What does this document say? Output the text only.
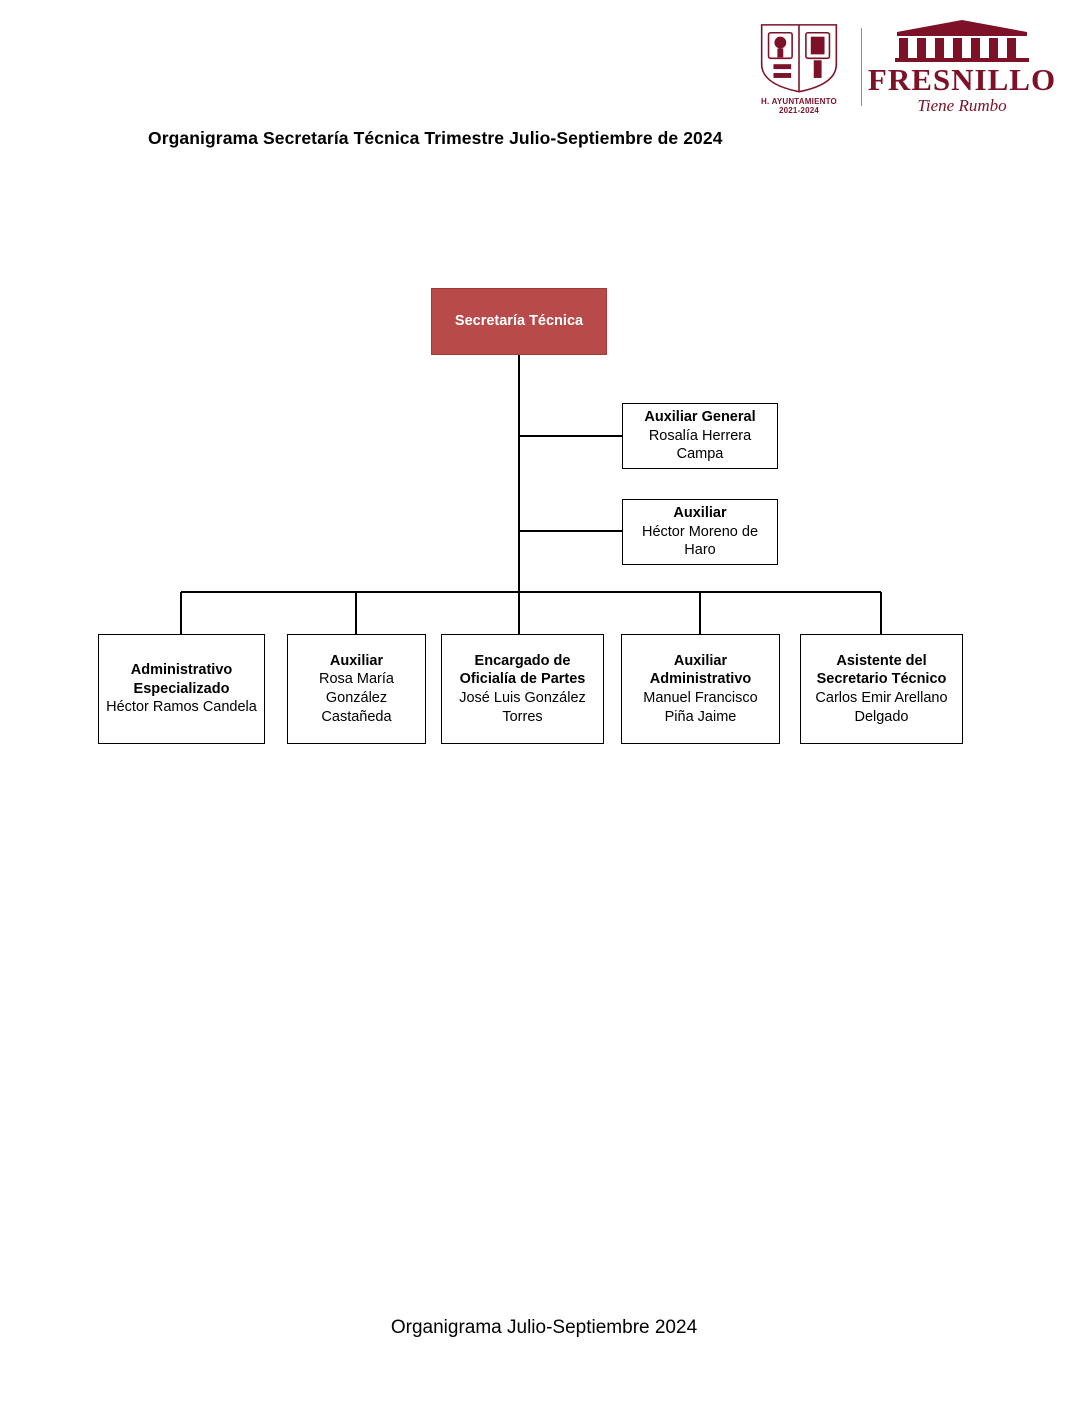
H. AYUNTAMIENTO
2021-2024
FRESNILLO
Tiene Rumbo
Organigrama Secretaría Técnica Trimestre Julio-Septiembre de 2024
Secretaría Técnica
Auxiliar General
Rosalía Herrera Campa
Auxiliar
Héctor Moreno de Haro
Administrativo Especializado
Héctor Ramos Candela
Auxiliar
Rosa María González Castañeda
Encargado de Oficialía de Partes
José Luis González Torres
Auxiliar Administrativo
Manuel Francisco Piña Jaime
Asistente del Secretario Técnico
Carlos Emir Arellano Delgado
Organigrama Julio-Septiembre 2024
